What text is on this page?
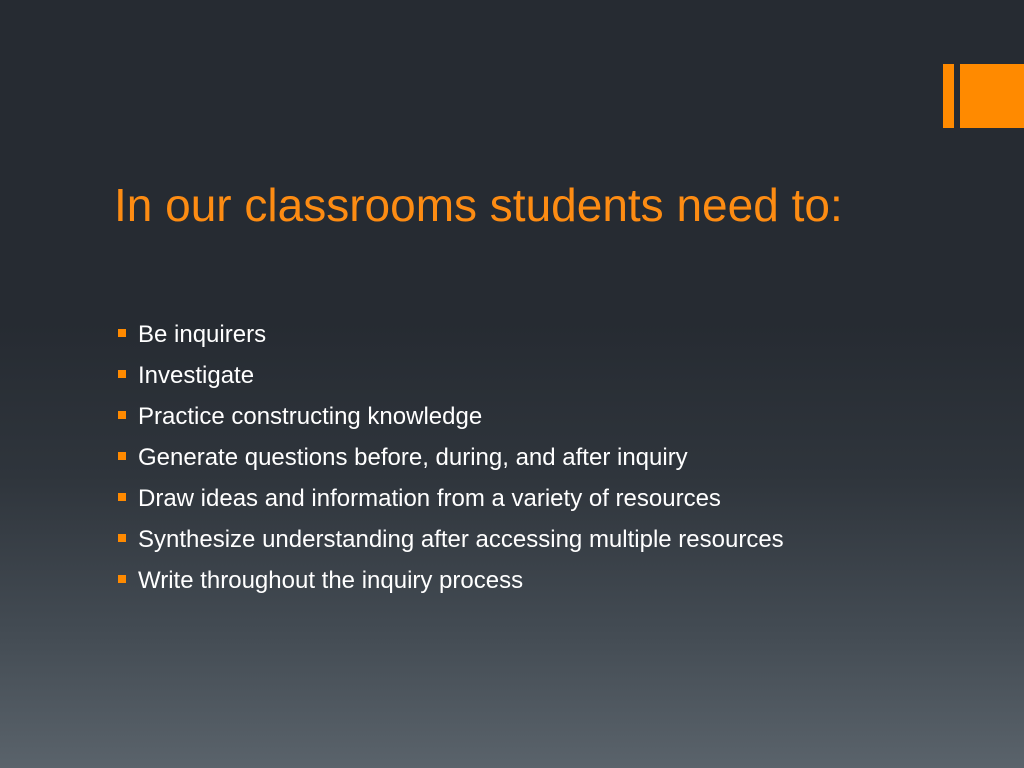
In our classrooms students need to:
Be inquirers
Investigate
Practice constructing knowledge
Generate questions before, during, and after inquiry
Draw ideas and information from a variety of resources
Synthesize understanding after accessing multiple resources
Write throughout the inquiry process
